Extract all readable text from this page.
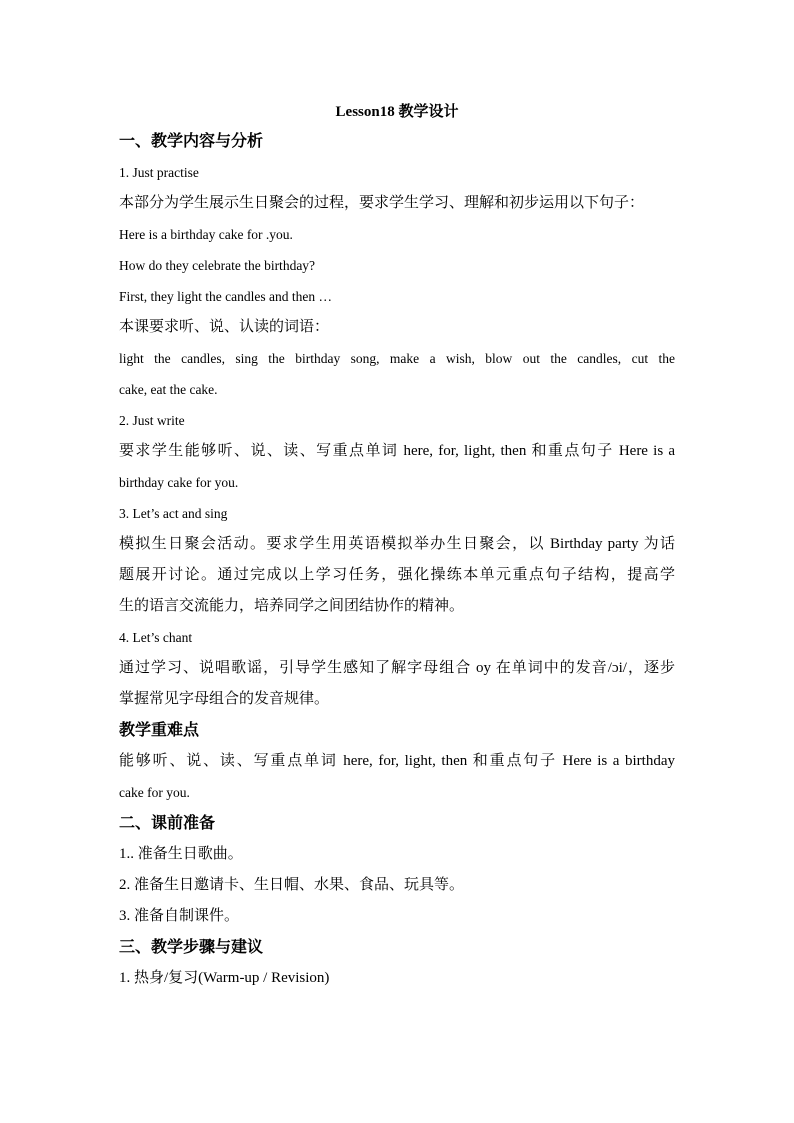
Lesson18 教学设计

一、教学内容与分析

1. Just practise

本部分为学生展示生日聚会的过程，要求学生学习、理解和初步运用以下句子：

Here is a birthday cake for .you.

How do they celebrate the birthday?

First, they light the candles and then …

本课要求听、说、认读的词语：

light the candles, sing the birthday song, make a wish, blow out the candles, cut the

cake, eat the cake.

2. Just write

要求学生能够听、说、读、写重点单词 here, for, light, then 和重点句子 Here is a

birthday cake for you.

3. Let’s act and sing

模拟生日聚会活动。要求学生用英语模拟举办生日聚会，以 Birthday party 为话

题展开讨论。通过完成以上学习任务，强化操练本单元重点句子结构，提高学

生的语言交流能力，培养同学之间团结协作的精神。

4. Let’s chant

通过学习、说唱歌谣，引导学生感知了解字母组合 oy 在单词中的发音/ɔi/，逐步

掌握常见字母组合的发音规律。

教学重难点

能够听、说、读、写重点单词 here, for, light, then 和重点句子 Here is a birthday

cake for you.

二、课前准备

1.. 准备生日歌曲。

2. 准备生日邀请卡、生日帽、水果、食品、玩具等。

3. 准备自制课件。

三、教学步骤与建议

1. 热身/复习(Warm-up / Revision)
